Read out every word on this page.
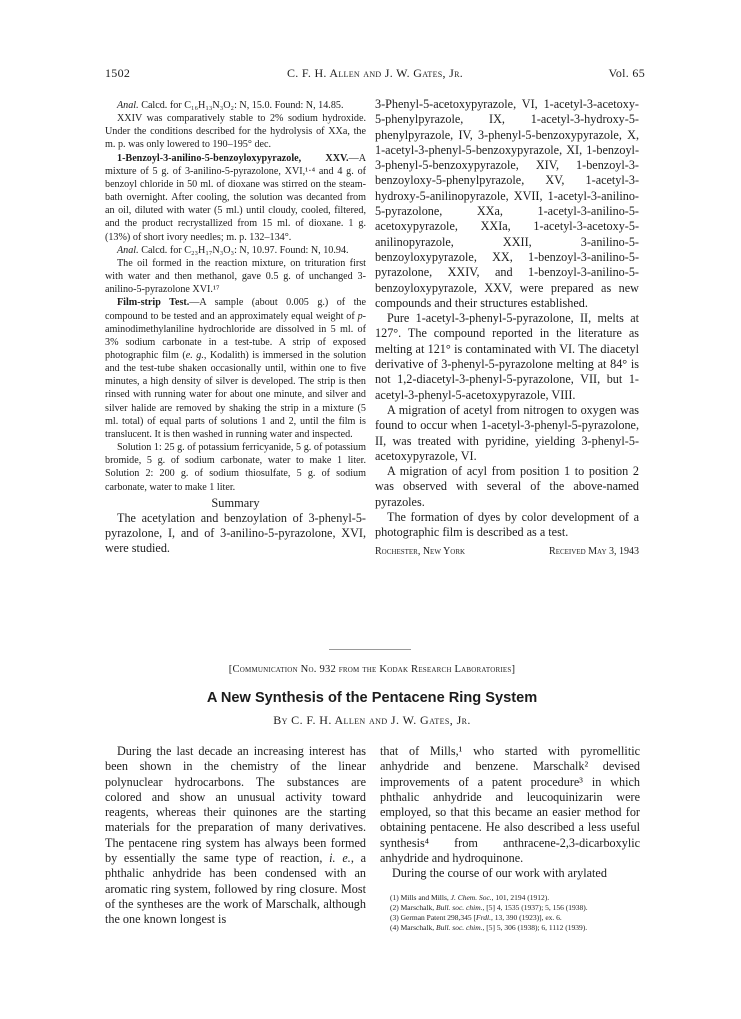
1502	C. F. H. Allen and J. W. Gates, Jr.	Vol. 65

Anal. Calcd. for C₁₆H₁₃N₃O₂: N, 15.0. Found: N, 14.85.

XXIV was comparatively stable to 2% sodium hydroxide. Under the conditions described for the hydrolysis of XXa, the m. p. was only lowered to 190–195° dec.

1-Benzoyl-3-anilino-5-benzoyloxypyrazole, XXV.—A mixture of 5 g. of 3-anilino-5-pyrazolone, XVI,¹·⁴ and 4 g. of benzoyl chloride in 50 ml. of dioxane was stirred on the steam-bath overnight. After cooling, the solution was decanted from an oil, diluted with water (5 ml.) until cloudy, cooled, filtered, and the product recrystallized from 15 ml. of dioxane. 1 g. (13%) of short ivory needles; m. p. 132–134°.

Anal. Calcd. for C₂₃H₁₇N₃O₃: N, 10.97. Found: N, 10.94.

The oil formed in the reaction mixture, on trituration first with water and then methanol, gave 0.5 g. of unchanged 3-anilino-5-pyrazolone XVI.¹⁷

Film-strip Test.—A sample (about 0.005 g.) of the compound to be tested and an approximately equal weight of p-aminodimethylaniline hydrochloride are dissolved in 5 ml. of 3% sodium carbonate in a test-tube. A strip of exposed photographic film (e. g., Kodalith) is immersed in the solution and the test-tube shaken occasionally until, within one to five minutes, a high density of silver is developed. The strip is then rinsed with running water for about one minute, and silver and silver halide are removed by shaking the strip in a mixture (5 ml. total) of equal parts of solutions 1 and 2, until the film is translucent. It is then washed in running water and inspected.

Solution 1: 25 g. of potassium ferricyanide, 5 g. of potassium bromide, 5 g. of sodium carbonate, water to make 1 liter. Solution 2: 200 g. of sodium thiosulfate, 5 g. of sodium carbonate, water to make 1 liter.

Summary

The acetylation and benzoylation of 3-phenyl-5-pyrazolone, I, and of 3-anilino-5-pyrazolone, XVI, were studied.

3-Phenyl-5-acetoxypyrazole, VI, 1-acetyl-3-acetoxy-5-phenylpyrazole, IX, 1-acetyl-3-hydroxy-5-phenylpyrazole, IV, 3-phenyl-5-benzoxypyrazole, X, 1-acetyl-3-phenyl-5-benzoxypyrazole, XI, 1-benzoyl-3-phenyl-5-benzoxypyrazole, XIV, 1-benzoyl-3-benzoyloxy-5-phenylpyrazole, XV, 1-acetyl-3-hydroxy-5-anilinopyrazole, XVII, 1-acetyl-3-anilino-5-pyrazolone, XXa, 1-acetyl-3-anilino-5-acetoxypyrazole, XXIa, 1-acetyl-3-acetoxy-5-anilinopyrazole, XXII, 3-anilino-5-benzoyloxypyrazole, XX, 1-benzoyl-3-anilino-5-pyrazolone, XXIV, and 1-benzoyl-3-anilino-5-benzoyloxypyrazole, XXV, were prepared as new compounds and their structures established.

Pure 1-acetyl-3-phenyl-5-pyrazolone, II, melts at 127°. The compound reported in the literature as melting at 121° is contaminated with VI. The diacetyl derivative of 3-phenyl-5-pyrazolone melting at 84° is not 1,2-diacetyl-3-phenyl-5-pyrazolone, VII, but 1-acetyl-3-phenyl-5-acetoxypyrazole, VIII.

A migration of acetyl from nitrogen to oxygen was found to occur when 1-acetyl-3-phenyl-5-pyrazolone, II, was treated with pyridine, yielding 3-phenyl-5-acetoxypyrazole, VI.

A migration of acyl from position 1 to position 2 was observed with several of the above-named pyrazoles.

The formation of dyes by color development of a photographic film is described as a test.

Rochester, New York	Received May 3, 1943
[Communication No. 932 from the Kodak Research Laboratories]
A New Synthesis of the Pentacene Ring System
By C. F. H. Allen and J. W. Gates, Jr.

During the last decade an increasing interest has been shown in the chemistry of the linear polynuclear hydrocarbons. The substances are colored and show an unusual activity toward reagents, whereas their quinones are the starting materials for the preparation of many derivatives. The pentacene ring system has always been formed by essentially the same type of reaction, i. e., a phthalic anhydride has been condensed with an aromatic ring system, followed by ring closure. Most of the syntheses are the work of Marschalk, although the one known longest is

that of Mills,¹ who started with pyromellitic anhydride and benzene. Marschalk² devised improvements of a patent procedure³ in which phthalic anhydride and leucoquinizarin were employed, so that this became an easier method for obtaining pentacene. He also described a less useful synthesis⁴ from anthracene-2,3-dicarboxylic anhydride and hydroquinone.

During the course of our work with arylated

(1) Mills and Mills, J. Chem. Soc., 101, 2194 (1912).

(2) Marschalk, Bull. soc. chim., [5] 4, 1535 (1937); 5, 156 (1938).

(3) German Patent 298,345 [Frdl., 13, 390 (1923)], ex. 6.

(4) Marschalk, Bull. soc. chim., [5] 5, 306 (1938); 6, 1112 (1939).
